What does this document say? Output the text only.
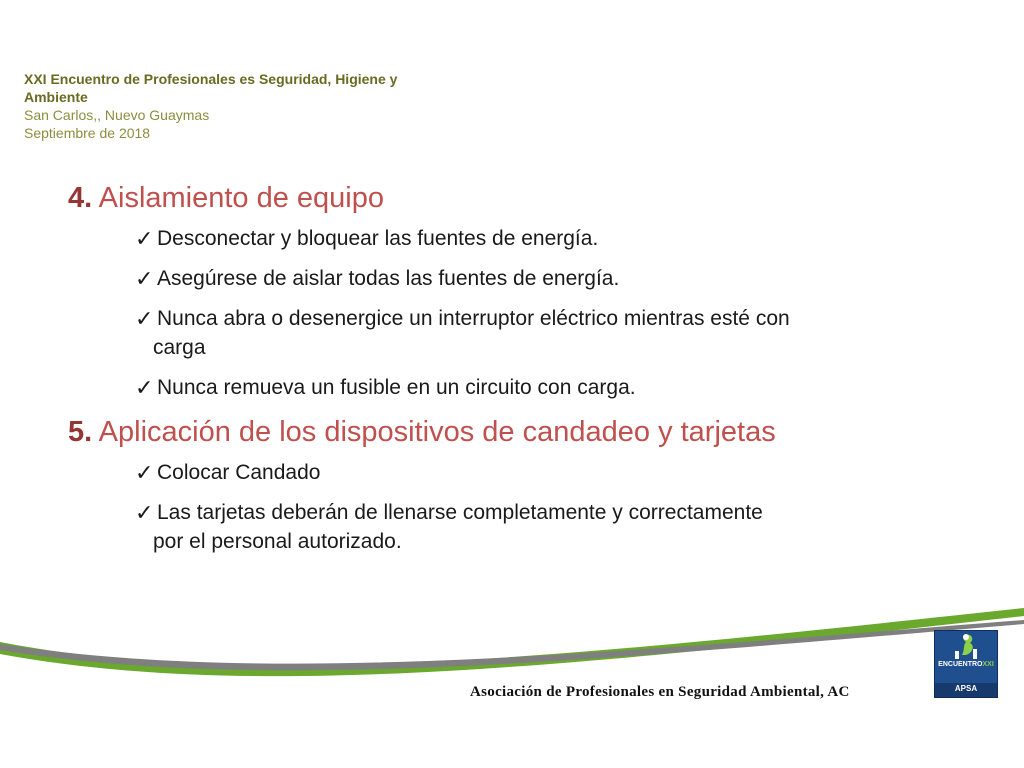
XXI Encuentro de Profesionales es Seguridad, Higiene y
Ambiente
San Carlos,, Nuevo Guaymas
Septiembre de 2018
4. Aislamiento de equipo
✓ Desconectar y bloquear las fuentes de energía.
✓ Asegúrese de aislar todas las fuentes de energía.
✓ Nunca abra o desenergice un interruptor eléctrico mientras esté con
carga
✓ Nunca remueva un fusible en un circuito con carga.
5. Aplicación de los dispositivos de candadeo y tarjetas
✓ Colocar Candado
✓ Las tarjetas deberán de llenarse completamente y correctamente
por el personal autorizado.
Asociación de Profesionales en Seguridad Ambiental, AC
ENCUENTROXXI
APSA
